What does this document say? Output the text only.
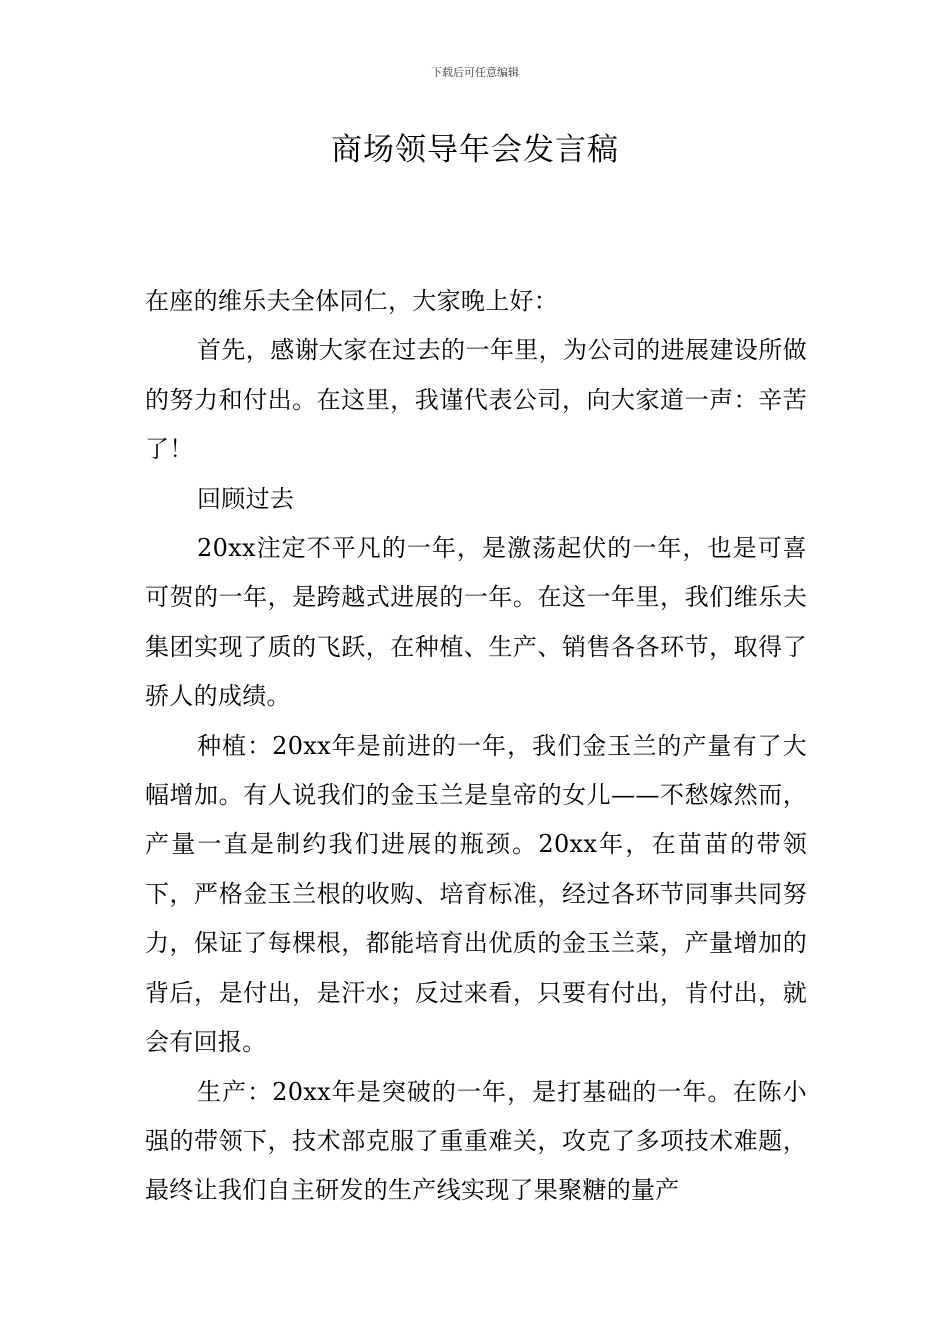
下载后可任意编辑
商场领导年会发言稿

在座的维乐夫全体同仁，大家晚上好：

首先，感谢大家在过去的一年里，为公司的进展建设所做的努力和付出。在这里，我谨代表公司，向大家道一声：辛苦了！

回顾过去

20xx注定不平凡的一年，是激荡起伏的一年，也是可喜可贺的一年，是跨越式进展的一年。在这一年里，我们维乐夫集团实现了质的飞跃，在种植、生产、销售各各环节，取得了骄人的成绩。

种植：20xx年是前进的一年，我们金玉兰的产量有了大幅增加。有人说我们的金玉兰是皇帝的女儿——不愁嫁然而，产量一直是制约我们进展的瓶颈。20xx年，在苗苗的带领下，严格金玉兰根的收购、培育标准，经过各环节同事共同努力，保证了每棵根，都能培育出优质的金玉兰菜，产量增加的背后，是付出，是汗水；反过来看，只要有付出，肯付出，就会有回报。

生产：20xx年是突破的一年，是打基础的一年。在陈小强的带领下，技术部克服了重重难关，攻克了多项技术难题，最终让我们自主研发的生产线实现了果聚糖的量产
